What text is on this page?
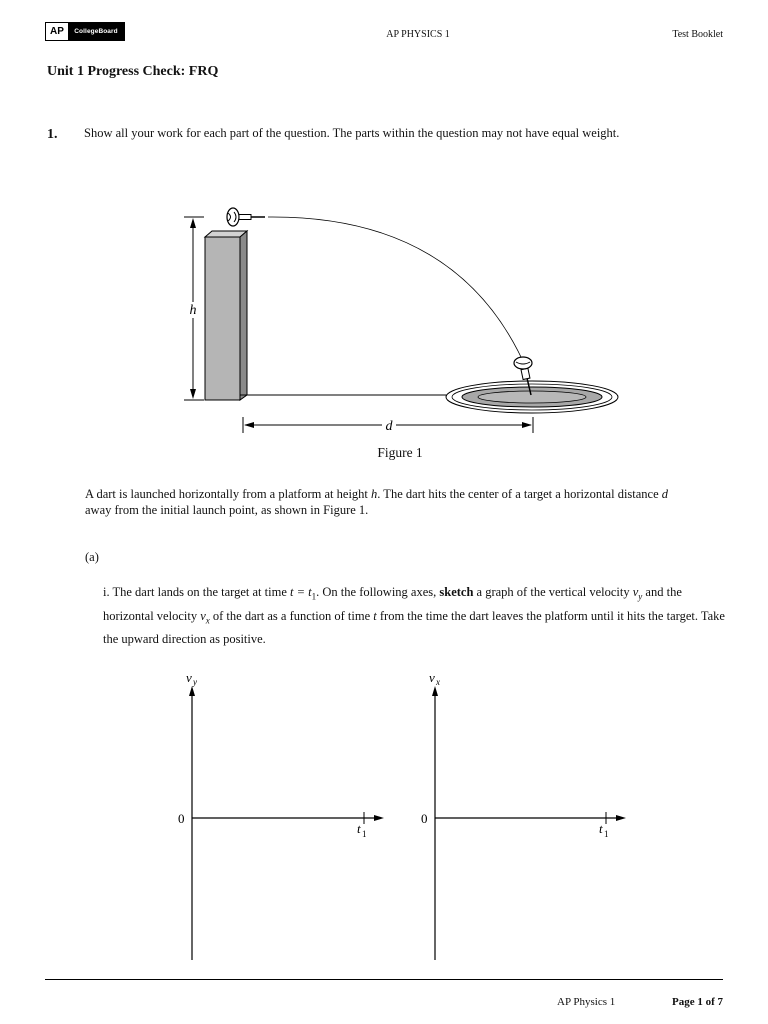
AP	CollegeBoard	AP PHYSICS 1	Test Booklet
Unit 1 Progress Check: FRQ
1. Show all your work for each part of the question. The parts within the question may not have equal weight.
h
d
Figure 1
A dart is launched horizontally from a platform at height h. The dart hits the center of a target a horizontal distance d away from the initial launch point, as shown in Figure 1.
(a)
i. The dart lands on the target at time $t = t_1$. On the following axes, sketch a graph of the vertical velocity $v_y$ and the horizontal velocity $v_x$ of the dart as a function of time t from the time the dart leaves the platform until it hits the target. Take the upward direction as positive.
v y
0
t 1
v x
0
t 1
AP Physics 1	Page 1 of 7
